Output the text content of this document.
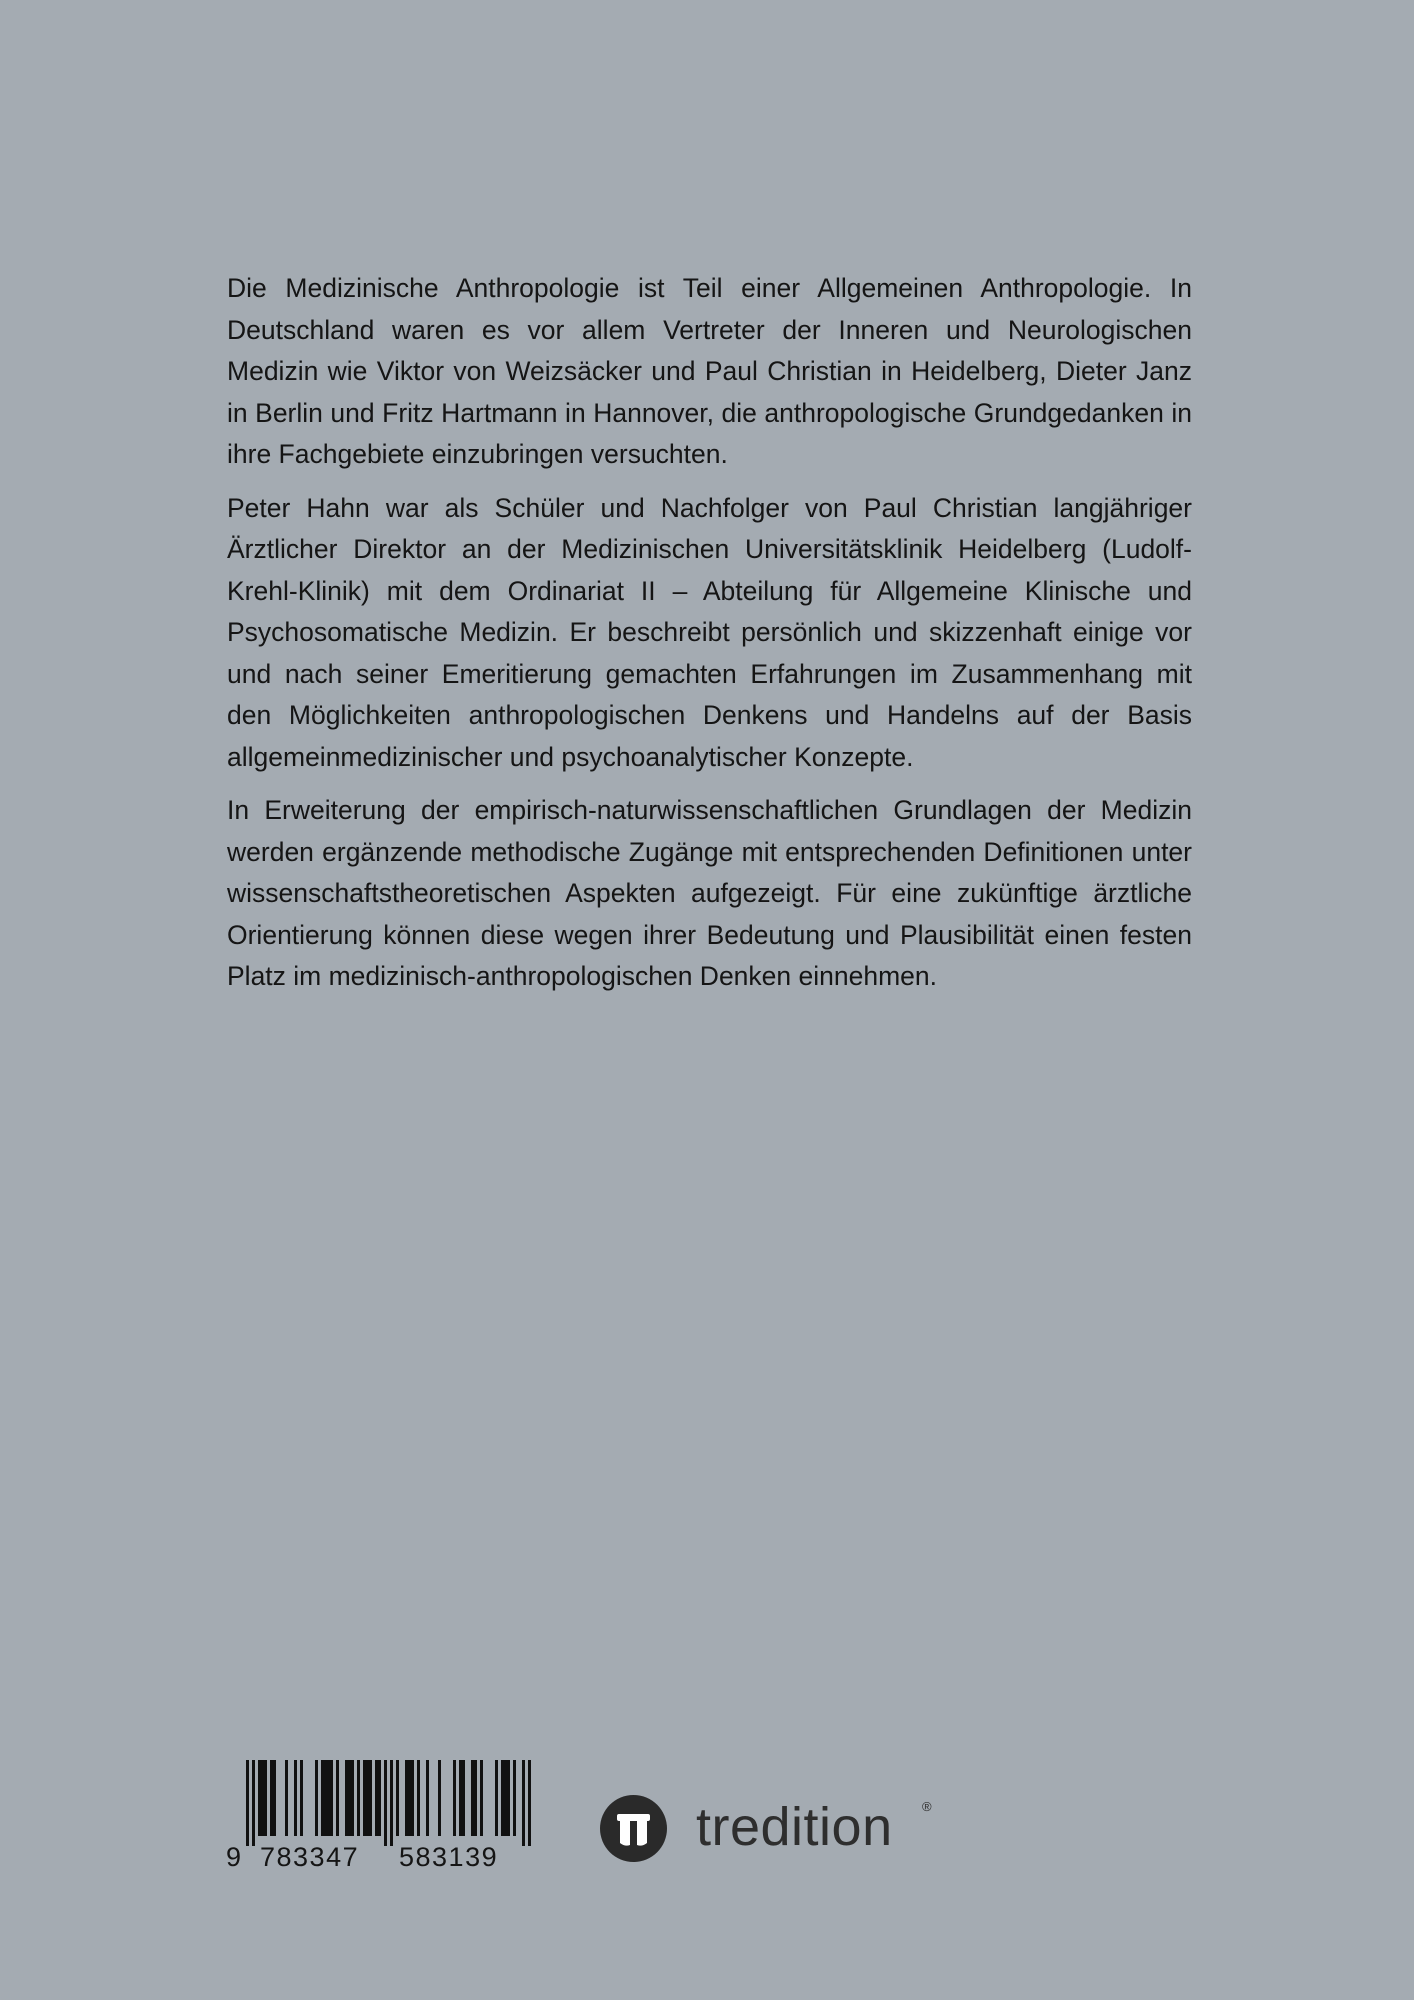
Die Medizinische Anthropologie ist Teil einer Allgemeinen Anthropologie. In Deutschland waren es vor allem Vertreter der Inneren und Neurologischen Medizin wie Viktor von Weizsäcker und Paul Christian in Heidelberg, Dieter Janz in Berlin und Fritz Hartmann in Hannover, die anthropologische Grundgedanken in ihre Fachgebiete einzubringen versuchten.

Peter Hahn war als Schüler und Nachfolger von Paul Christian langjähriger Ärztlicher Direktor an der Medizinischen Universitätsklinik Heidelberg (Ludolf-Krehl-Klinik) mit dem Ordinariat II – Abteilung für Allgemeine Klinische und Psychosomatische Medizin. Er beschreibt persönlich und skizzenhaft einige vor und nach seiner Emeritierung gemachten Erfahrungen im Zusammenhang mit den Möglichkeiten anthropologischen Denkens und Handelns auf der Basis allgemeinmedizinischer und psychoanalytischer Konzepte.

In Erweiterung der empirisch-naturwissenschaftlichen Grundlagen der Medizin werden ergänzende methodische Zugänge mit entsprechenden Definitionen unter wissenschaftstheoretischen Aspekten aufgezeigt. Für eine zukünftige ärztliche Orientierung können diese wegen ihrer Bedeutung und Plausibilität einen festen Platz im medizinisch-anthropologischen Denken einnehmen.

9 783347 583139	tredition ®
